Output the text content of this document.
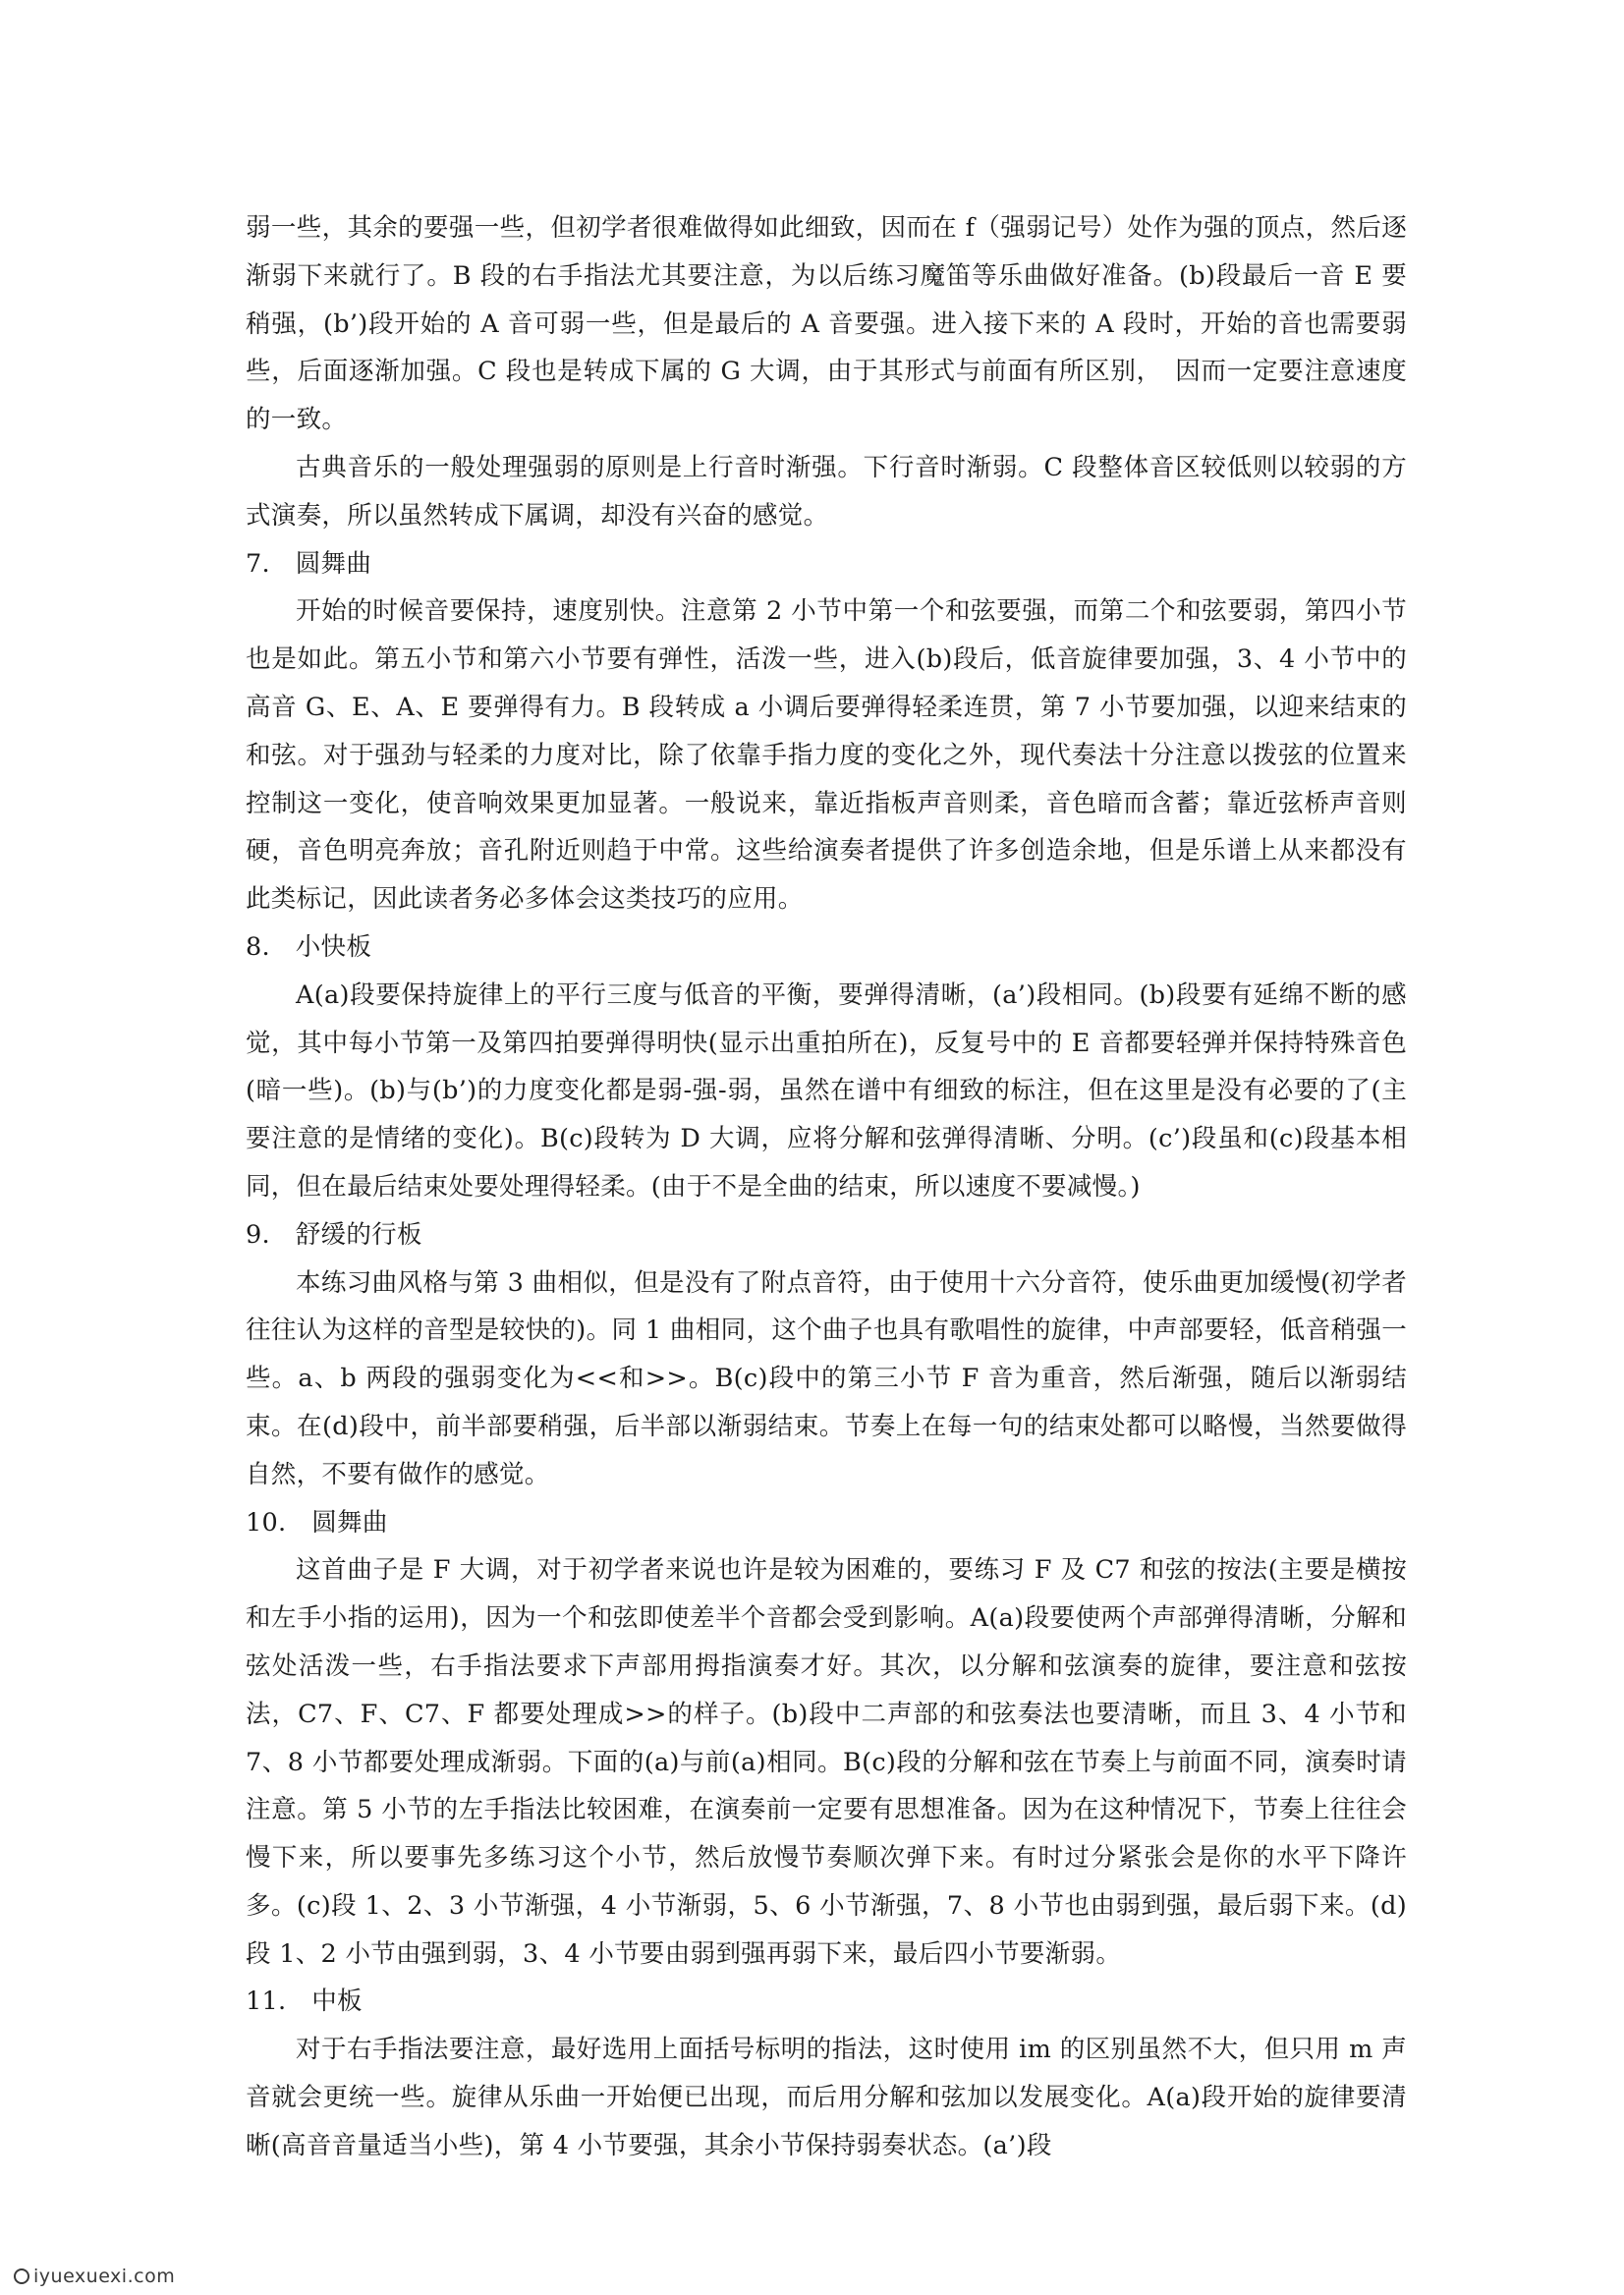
弱一些，其余的要强一些，但初学者很难做得如此细致，因而在 f（强弱记号）处作为强的顶点，然后逐渐弱下来就行了。B 段的右手指法尤其要注意，为以后练习魔笛等乐曲做好准备。(b)段最后一音 E 要稍强，(b’)段开始的 A 音可弱一些，但是最后的 A 音要强。进入接下来的 A 段时，开始的音也需要弱些，后面逐渐加强。C 段也是转成下属的 G 大调，由于其形式与前面有所区别，　因而一定要注意速度的一致。

古典音乐的一般处理强弱的原则是上行音时渐强。下行音时渐弱。C 段整体音区较低则以较弱的方式演奏，所以虽然转成下属调，却没有兴奋的感觉。

7.　圆舞曲

开始的时候音要保持，速度别快。注意第 2 小节中第一个和弦要强，而第二个和弦要弱，第四小节也是如此。第五小节和第六小节要有弹性，活泼一些，进入(b)段后，低音旋律要加强，3、4 小节中的高音 G、E、A、E 要弹得有力。B 段转成 a 小调后要弹得轻柔连贯，第 7 小节要加强，以迎来结束的和弦。对于强劲与轻柔的力度对比，除了依靠手指力度的变化之外，现代奏法十分注意以拨弦的位置来控制这一变化，使音响效果更加显著。一般说来，靠近指板声音则柔，音色暗而含蓄；靠近弦桥声音则硬，音色明亮奔放；音孔附近则趋于中常。这些给演奏者提供了许多创造余地，但是乐谱上从来都没有此类标记，因此读者务必多体会这类技巧的应用。

8.　小快板

A(a)段要保持旋律上的平行三度与低音的平衡，要弹得清晰，(a’)段相同。(b)段要有延绵不断的感觉，其中每小节第一及第四拍要弹得明快(显示出重拍所在)，反复号中的 E 音都要轻弹并保持特殊音色(暗一些)。(b)与(b’)的力度变化都是弱-强-弱，虽然在谱中有细致的标注，但在这里是没有必要的了(主要注意的是情绪的变化)。B(c)段转为 D 大调，应将分解和弦弹得清晰、分明。(c’)段虽和(c)段基本相同，但在最后结束处要处理得轻柔。(由于不是全曲的结束，所以速度不要减慢。)

9.　舒缓的行板

本练习曲风格与第 3 曲相似，但是没有了附点音符，由于使用十六分音符，使乐曲更加缓慢(初学者往往认为这样的音型是较快的)。同 1 曲相同，这个曲子也具有歌唱性的旋律，中声部要轻，低音稍强一些。a、b 两段的强弱变化为<<和>>。B(c)段中的第三小节 F 音为重音，然后渐强，随后以渐弱结束。在(d)段中，前半部要稍强，后半部以渐弱结束。节奏上在每一句的结束处都可以略慢，当然要做得自然，不要有做作的感觉。

10.　圆舞曲

这首曲子是 F 大调，对于初学者来说也许是较为困难的，要练习 F 及 C7 和弦的按法(主要是横按和左手小指的运用)，因为一个和弦即使差半个音都会受到影响。A(a)段要使两个声部弹得清晰，分解和弦处活泼一些，右手指法要求下声部用拇指演奏才好。其次，以分解和弦演奏的旋律，要注意和弦按法，C7、F、C7、F 都要处理成>>的样子。(b)段中二声部的和弦奏法也要清晰，而且 3、4 小节和 7、8 小节都要处理成渐弱。下面的(a)与前(a)相同。B(c)段的分解和弦在节奏上与前面不同，演奏时请注意。第 5 小节的左手指法比较困难，在演奏前一定要有思想准备。因为在这种情况下，节奏上往往会慢下来，所以要事先多练习这个小节，然后放慢节奏顺次弹下来。有时过分紧张会是你的水平下降许多。(c)段 1、2、3 小节渐强，4 小节渐弱，5、6 小节渐强，7、8 小节也由弱到强，最后弱下来。(d)段 1、2 小节由强到弱，3、4 小节要由弱到强再弱下来，最后四小节要渐弱。

11.　中板

对于右手指法要注意，最好选用上面括号标明的指法，这时使用 im 的区别虽然不大，但只用 m 声音就会更统一些。旋律从乐曲一开始便已出现，而后用分解和弦加以发展变化。A(a)段开始的旋律要清晰(高音音量适当小些)，第 4 小节要强，其余小节保持弱奏状态。(a’)段

iyuexuexi.com
